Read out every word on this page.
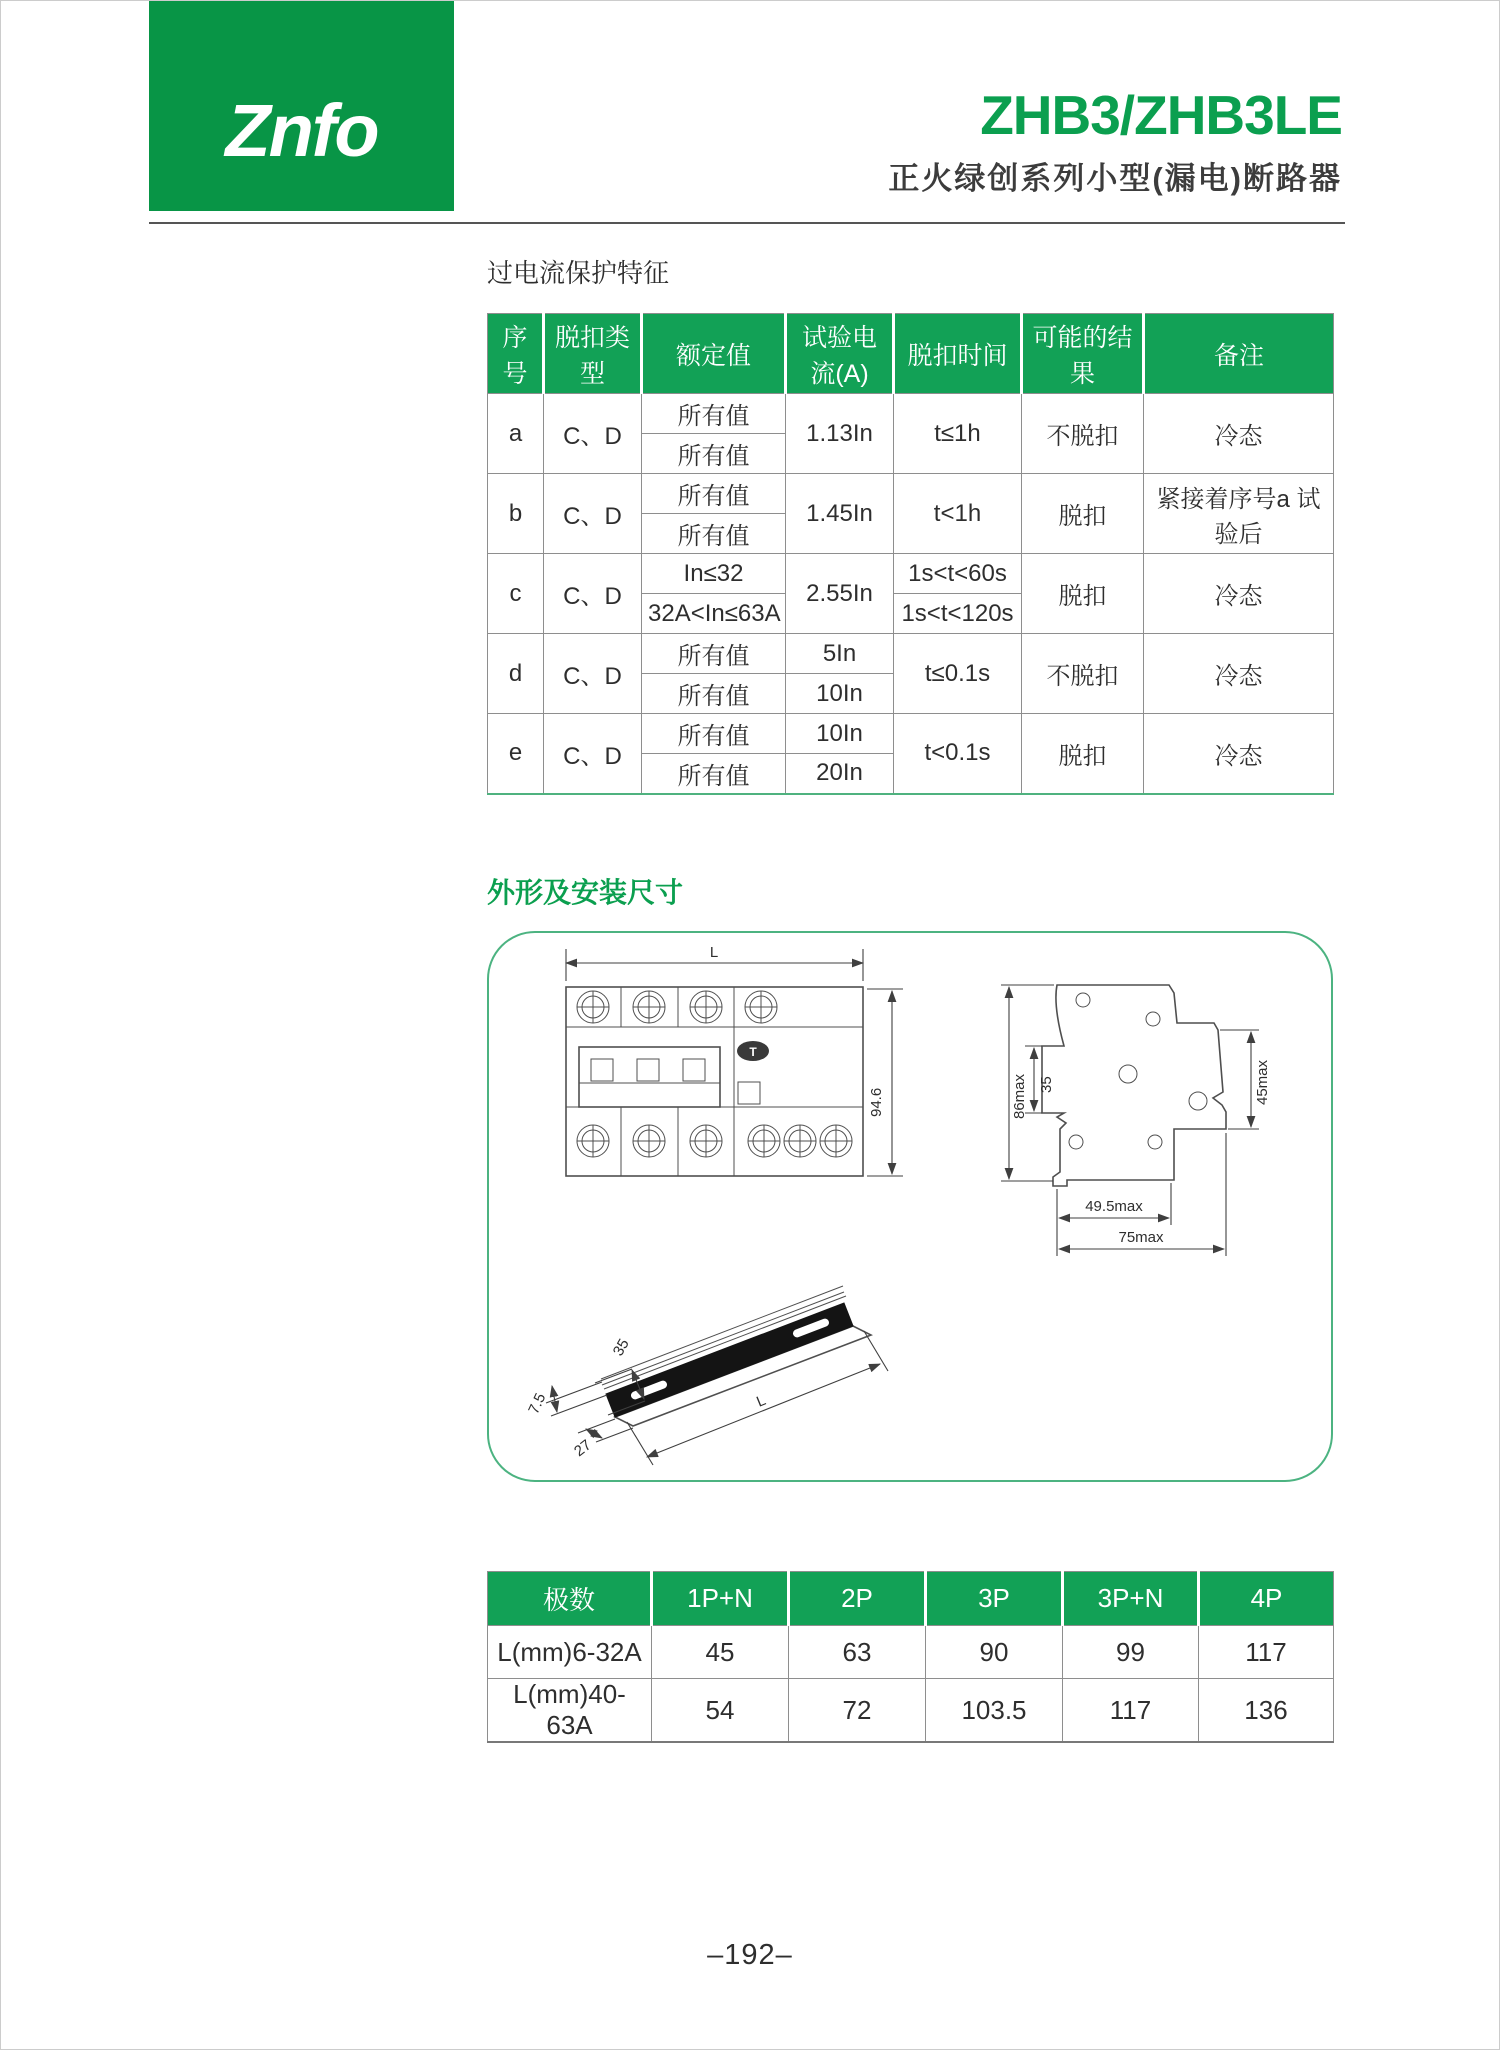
Znfo	ZHB3/ZHB3LE
正火绿创系列小型(漏电)断路器
过电流保护特征
序号	脱扣类型	额定值	试验电流(A)	脱扣时间	可能的结果	备注
a	C、D	所有值	1.13In	t≤1h	不脱扣	冷态
		所有值				
b	C、D	所有值	1.45In	t<1h	脱扣	紧接着序号a 试验后
		所有值				
c	C、D	In≤32	2.55In	1s<t<60s	脱扣	冷态
		32A<In≤63A		1s<t<120s		
d	C、D	所有值	5In	t≤0.1s	不脱扣	冷态
		所有值	10In			
e	C、D	所有值	10In	t<0.1s	脱扣	冷态
		所有值	20In			
外形及安装尺寸
T
L
94.6	86max 35	45max
49.5max
75max
7.5
35
27
L
极数	1P+N	2P	3P	3P+N	4P
L(mm)6-32A	45	63	90	99	117
L(mm)40-63A	54	72	103.5	117	136
–192–
